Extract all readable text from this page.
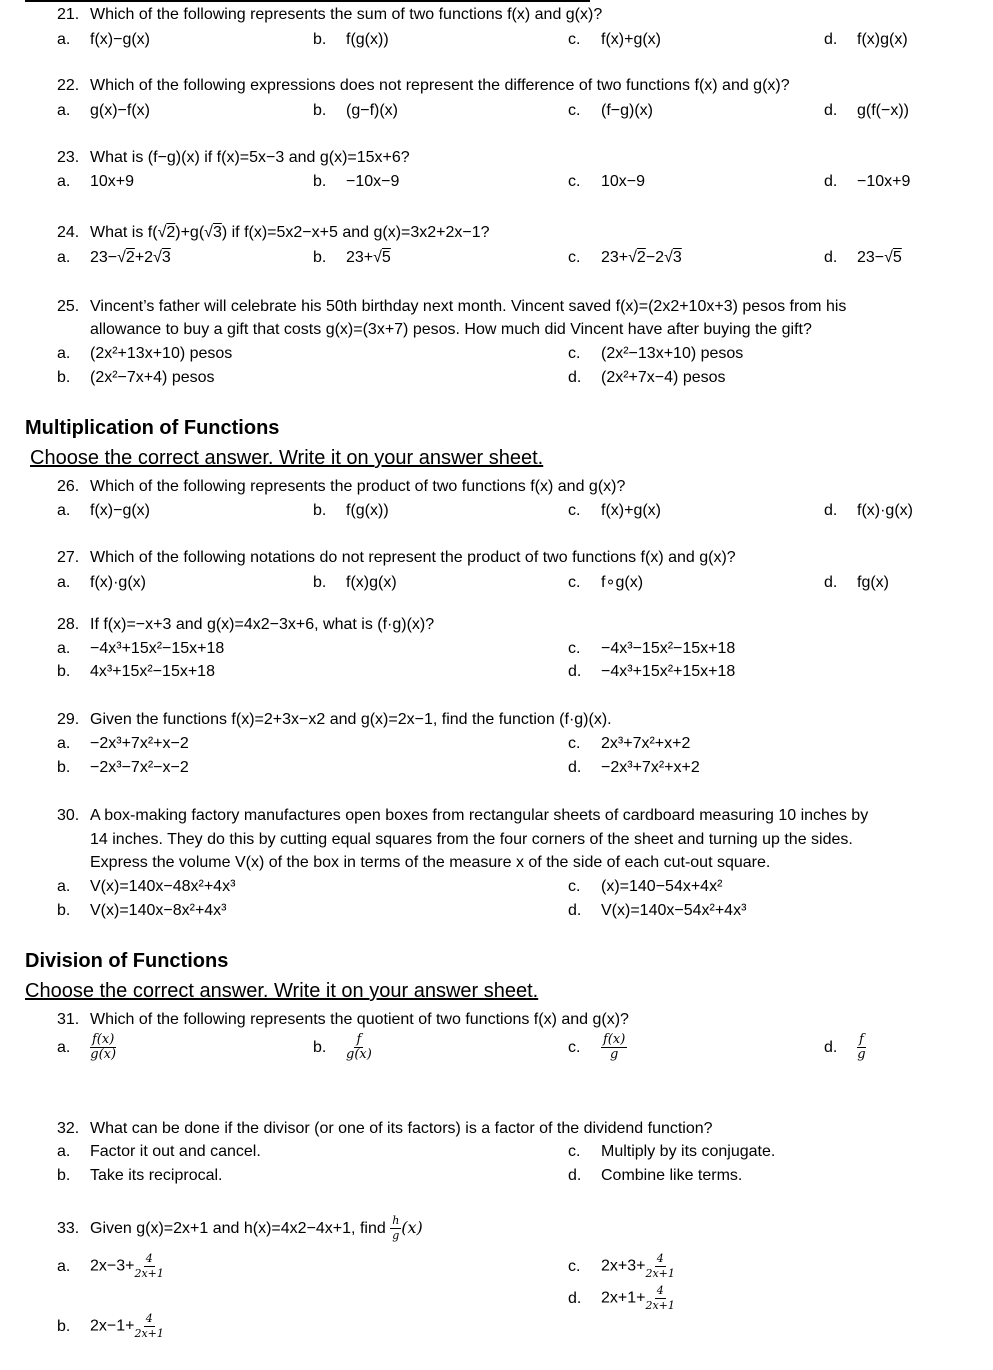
21. Which of the following represents the sum of two functions f(x) and g(x)?
a. f(x)−g(x)	b. f(g(x))	c. f(x)+g(x)	d. f(x)g(x)
22. Which of the following expressions does not represent the difference of two functions f(x) and g(x)?
a. g(x)−f(x)	b. (g−f)(x)	c. (f−g)(x)	d. g(f(−x))
23. What is (f−g)(x) if f(x)=5x−3 and g(x)=15x+6?
a. 10x+9	b. −10x−9	c. 10x−9	d. −10x+9
24. What is f(√2)+g(√3) if f(x)=5x2−x+5 and g(x)=3x2+2x−1?
a. 23−√2+2√3	b. 23+√5	c. 23+√2−2√3	d. 23−√5
25. Vincent’s father will celebrate his 50th birthday next month. Vincent saved f(x)=(2x2+10x+3) pesos from his
allowance to buy a gift that costs g(x)=(3x+7) pesos. How much did Vincent have after buying the gift?
a. (2x²+13x+10) pesos	c. (2x²−13x+10) pesos
b. (2x²−7x+4) pesos	d. (2x²+7x−4) pesos
Multiplication of Functions
Choose the correct answer. Write it on your answer sheet.
26. Which of the following represents the product of two functions f(x) and g(x)?
a. f(x)−g(x)	b. f(g(x))	c. f(x)+g(x)	d. f(x)·g(x)
27. Which of the following notations do not represent the product of two functions f(x) and g(x)?
a. f(x)·g(x)	b. f(x)g(x)	c. f∘g(x)	d. fg(x)
28. If f(x)=−x+3 and g(x)=4x2−3x+6, what is (f·g)(x)?
a. −4x³+15x²−15x+18	c. −4x³−15x²−15x+18
b. 4x³+15x²−15x+18	d. −4x³+15x²+15x+18
29. Given the functions f(x)=2+3x−x2 and g(x)=2x−1, find the function (f·g)(x).
a. −2x³+7x²+x−2	c. 2x³+7x²+x+2
b. −2x³−7x²−x−2	d. −2x³+7x²+x+2
30. A box-making factory manufactures open boxes from rectangular sheets of cardboard measuring 10 inches by
14 inches. They do this by cutting equal squares from the four corners of the sheet and turning up the sides.
Express the volume V(x) of the box in terms of the measure x of the side of each cut-out square.
a. V(x)=140x−48x²+4x³	c. (x)=140−54x+4x²
b. V(x)=140x−8x²+4x³	d. V(x)=140x−54x²+4x³
Division of Functions
Choose the correct answer. Write it on your answer sheet.
31. Which of the following represents the quotient of two functions f(x) and g(x)?
a. $\frac{f(x)}{g(x)}$	b. $\frac{f}{g(x)}$	c. $\frac{f(x)}{g}$	d. $\frac{f}{g}$
32. What can be done if the divisor (or one of its factors) is a factor of the dividend function?
a. Factor it out and cancel.	c. Multiply by its conjugate.
b. Take its reciprocal.	d. Combine like terms.
33. Given g(x)=2x+1 and h(x)=4x2−4x+1, find $\frac{h}{g} (x)$
a. $2x-3+ \frac{4}{2x+1}$	c. $2x+3+ \frac{4}{2x+1}$
d. $2x+1+ \frac{4}{2x+1}$
b. $2x-1+ \frac{4}{2x+1}$
